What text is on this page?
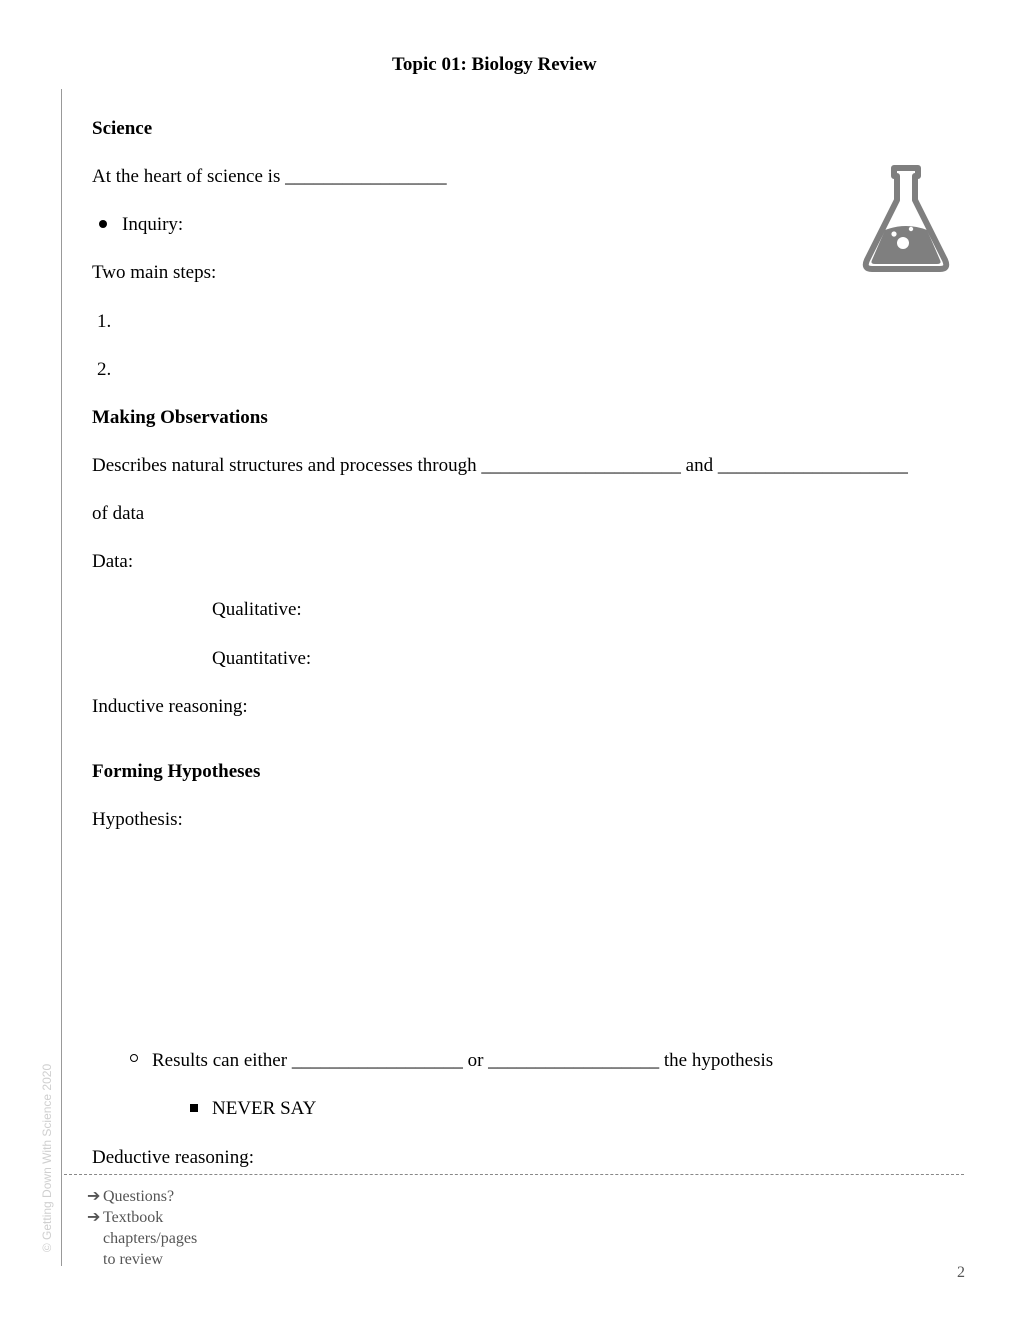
Topic 01: Biology Review
© Getting Down With Science 2020
Science
At the heart of science is _________________
Inquiry:
Two main steps:
1.
2.
Making Observations
Describes natural structures and processes through _____________________ and ____________________
of data
Data:
Qualitative:
Quantitative:
Inductive reasoning:
Forming Hypotheses
Hypothesis:
Results can either __________________ or __________________ the hypothesis
NEVER SAY
Deductive reasoning:
➔ Questions?
➔ Textbook
chapters/pages
to review
2
